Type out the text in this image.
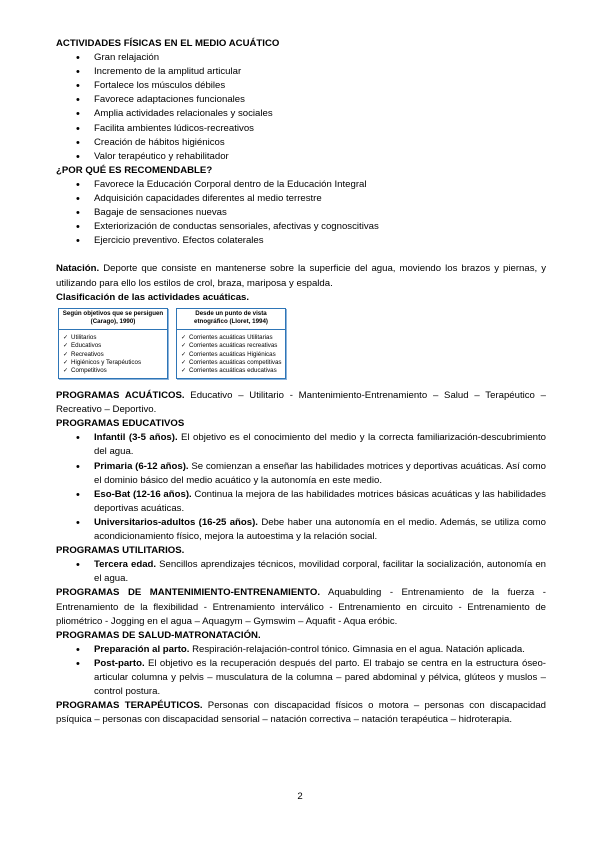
ACTIVIDADES FÍSICAS EN EL MEDIO ACUÁTICO
• Gran relajación
• Incremento de la amplitud articular
• Fortalece los músculos débiles
• Favorece adaptaciones funcionales
• Amplia actividades relacionales y sociales
• Facilita ambientes lúdicos-recreativos
• Creación de hábitos higiénicos
• Valor terapéutico y rehabilitador
¿POR QUÉ ES RECOMENDABLE?
• Favorece la Educación Corporal dentro de la Educación Integral
• Adquisición capacidades diferentes al medio terrestre
• Bagaje de sensaciones nuevas
• Exteriorización de conductas sensoriales, afectivas y cognoscitivas
• Ejercicio preventivo. Efectos colaterales
Natación. Deporte que consiste en mantenerse sobre la superficie del agua, moviendo los brazos y piernas, y utilizando para ello los estilos de crol, braza, mariposa y espalda.
Clasificación de las actividades acuáticas.
Según objetivos que se persiguen (Carago), 1990)
✓ Utilitarios
✓ Educativos
✓ Recreativos
✓ Higiénicos y Terapéuticos
✓ Competitivos
Desde un punto de vista etnográfico (Lloret, 1994)
✓ Corrientes acuáticas Utilitarias
✓ Corrientes acuáticas recreativas
✓ Corrientes acuáticas Higiénicas
✓ Corrientes acuáticas competitivas
✓ Corrientes acuáticas educativas
PROGRAMAS ACUÁTICOS. Educativo – Utilitario - Mantenimiento-Entrenamiento – Salud – Terapéutico – Recreativo – Deportivo.
PROGRAMAS EDUCATIVOS
• Infantil (3-5 años). El objetivo es el conocimiento del medio y la correcta familiarización-descubrimiento del agua.
• Primaria (6-12 años). Se comienzan a enseñar las habilidades motrices y deportivas acuáticas. Así como el dominio básico del medio acuático y la autonomía en este medio.
• Eso-Bat (12-16 años). Continua la mejora de las habilidades motrices básicas acuáticas y las habilidades deportivas acuáticas.
• Universitarios-adultos (16-25 años). Debe haber una autonomía en el medio. Además, se utiliza como acondicionamiento físico, mejora la autoestima y la relación social.
PROGRAMAS UTILITARIOS.
• Tercera edad. Sencillos aprendizajes técnicos, movilidad corporal, facilitar la socialización, autonomía en el agua.
PROGRAMAS DE MANTENIMIENTO-ENTRENAMIENTO. Aquabulding - Entrenamiento de la fuerza - Entrenamiento de la flexibilidad - Entrenamiento interválico - Entrenamiento en circuito - Entrenamiento de pliométrico - Jogging en el agua – Aquagym – Gymswim – Aquafit - Aqua eróbic.
PROGRAMAS DE SALUD-MATRONATACIÓN.
• Preparación al parto. Respiración-relajación-control tónico. Gimnasia en el agua. Natación aplicada.
• Post-parto. El objetivo es la recuperación después del parto. El trabajo se centra en la estructura óseo-articular columna y pelvis – musculatura de la columna – pared abdominal y pélvica, glúteos y muslos – control postura.
PROGRAMAS TERAPÉUTICOS. Personas con discapacidad físicos o motora – personas con discapacidad psíquica – personas con discapacidad sensorial – natación correctiva – natación terapéutica – hidroterapia.
2
